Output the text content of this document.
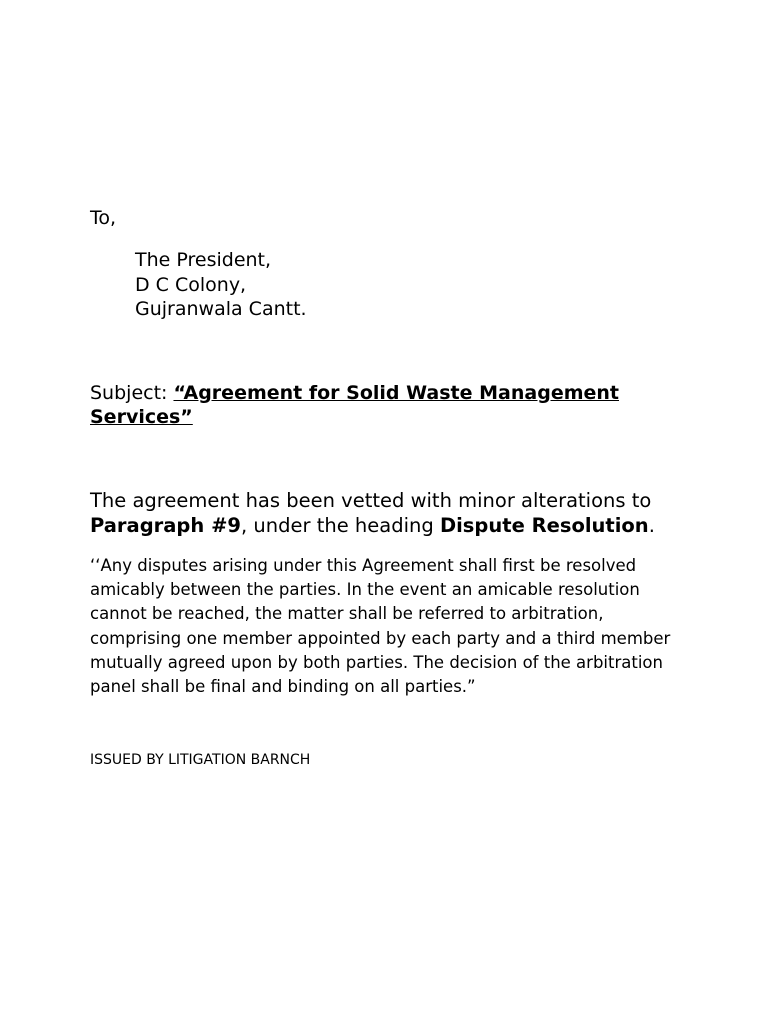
To,
The President,
D C Colony,
Gujranwala Cantt.
Subject: “Agreement for Solid Waste Management Services”
The agreement has been vetted with minor alterations to Paragraph #9, under the heading Dispute Resolution.
‘‘Any disputes arising under this Agreement shall first be resolved amicably between the parties. In the event an amicable resolution cannot be reached, the matter shall be referred to arbitration, comprising one member appointed by each party and a third member mutually agreed upon by both parties. The decision of the arbitration panel shall be final and binding on all parties.”
ISSUED BY LITIGATION BARNCH
